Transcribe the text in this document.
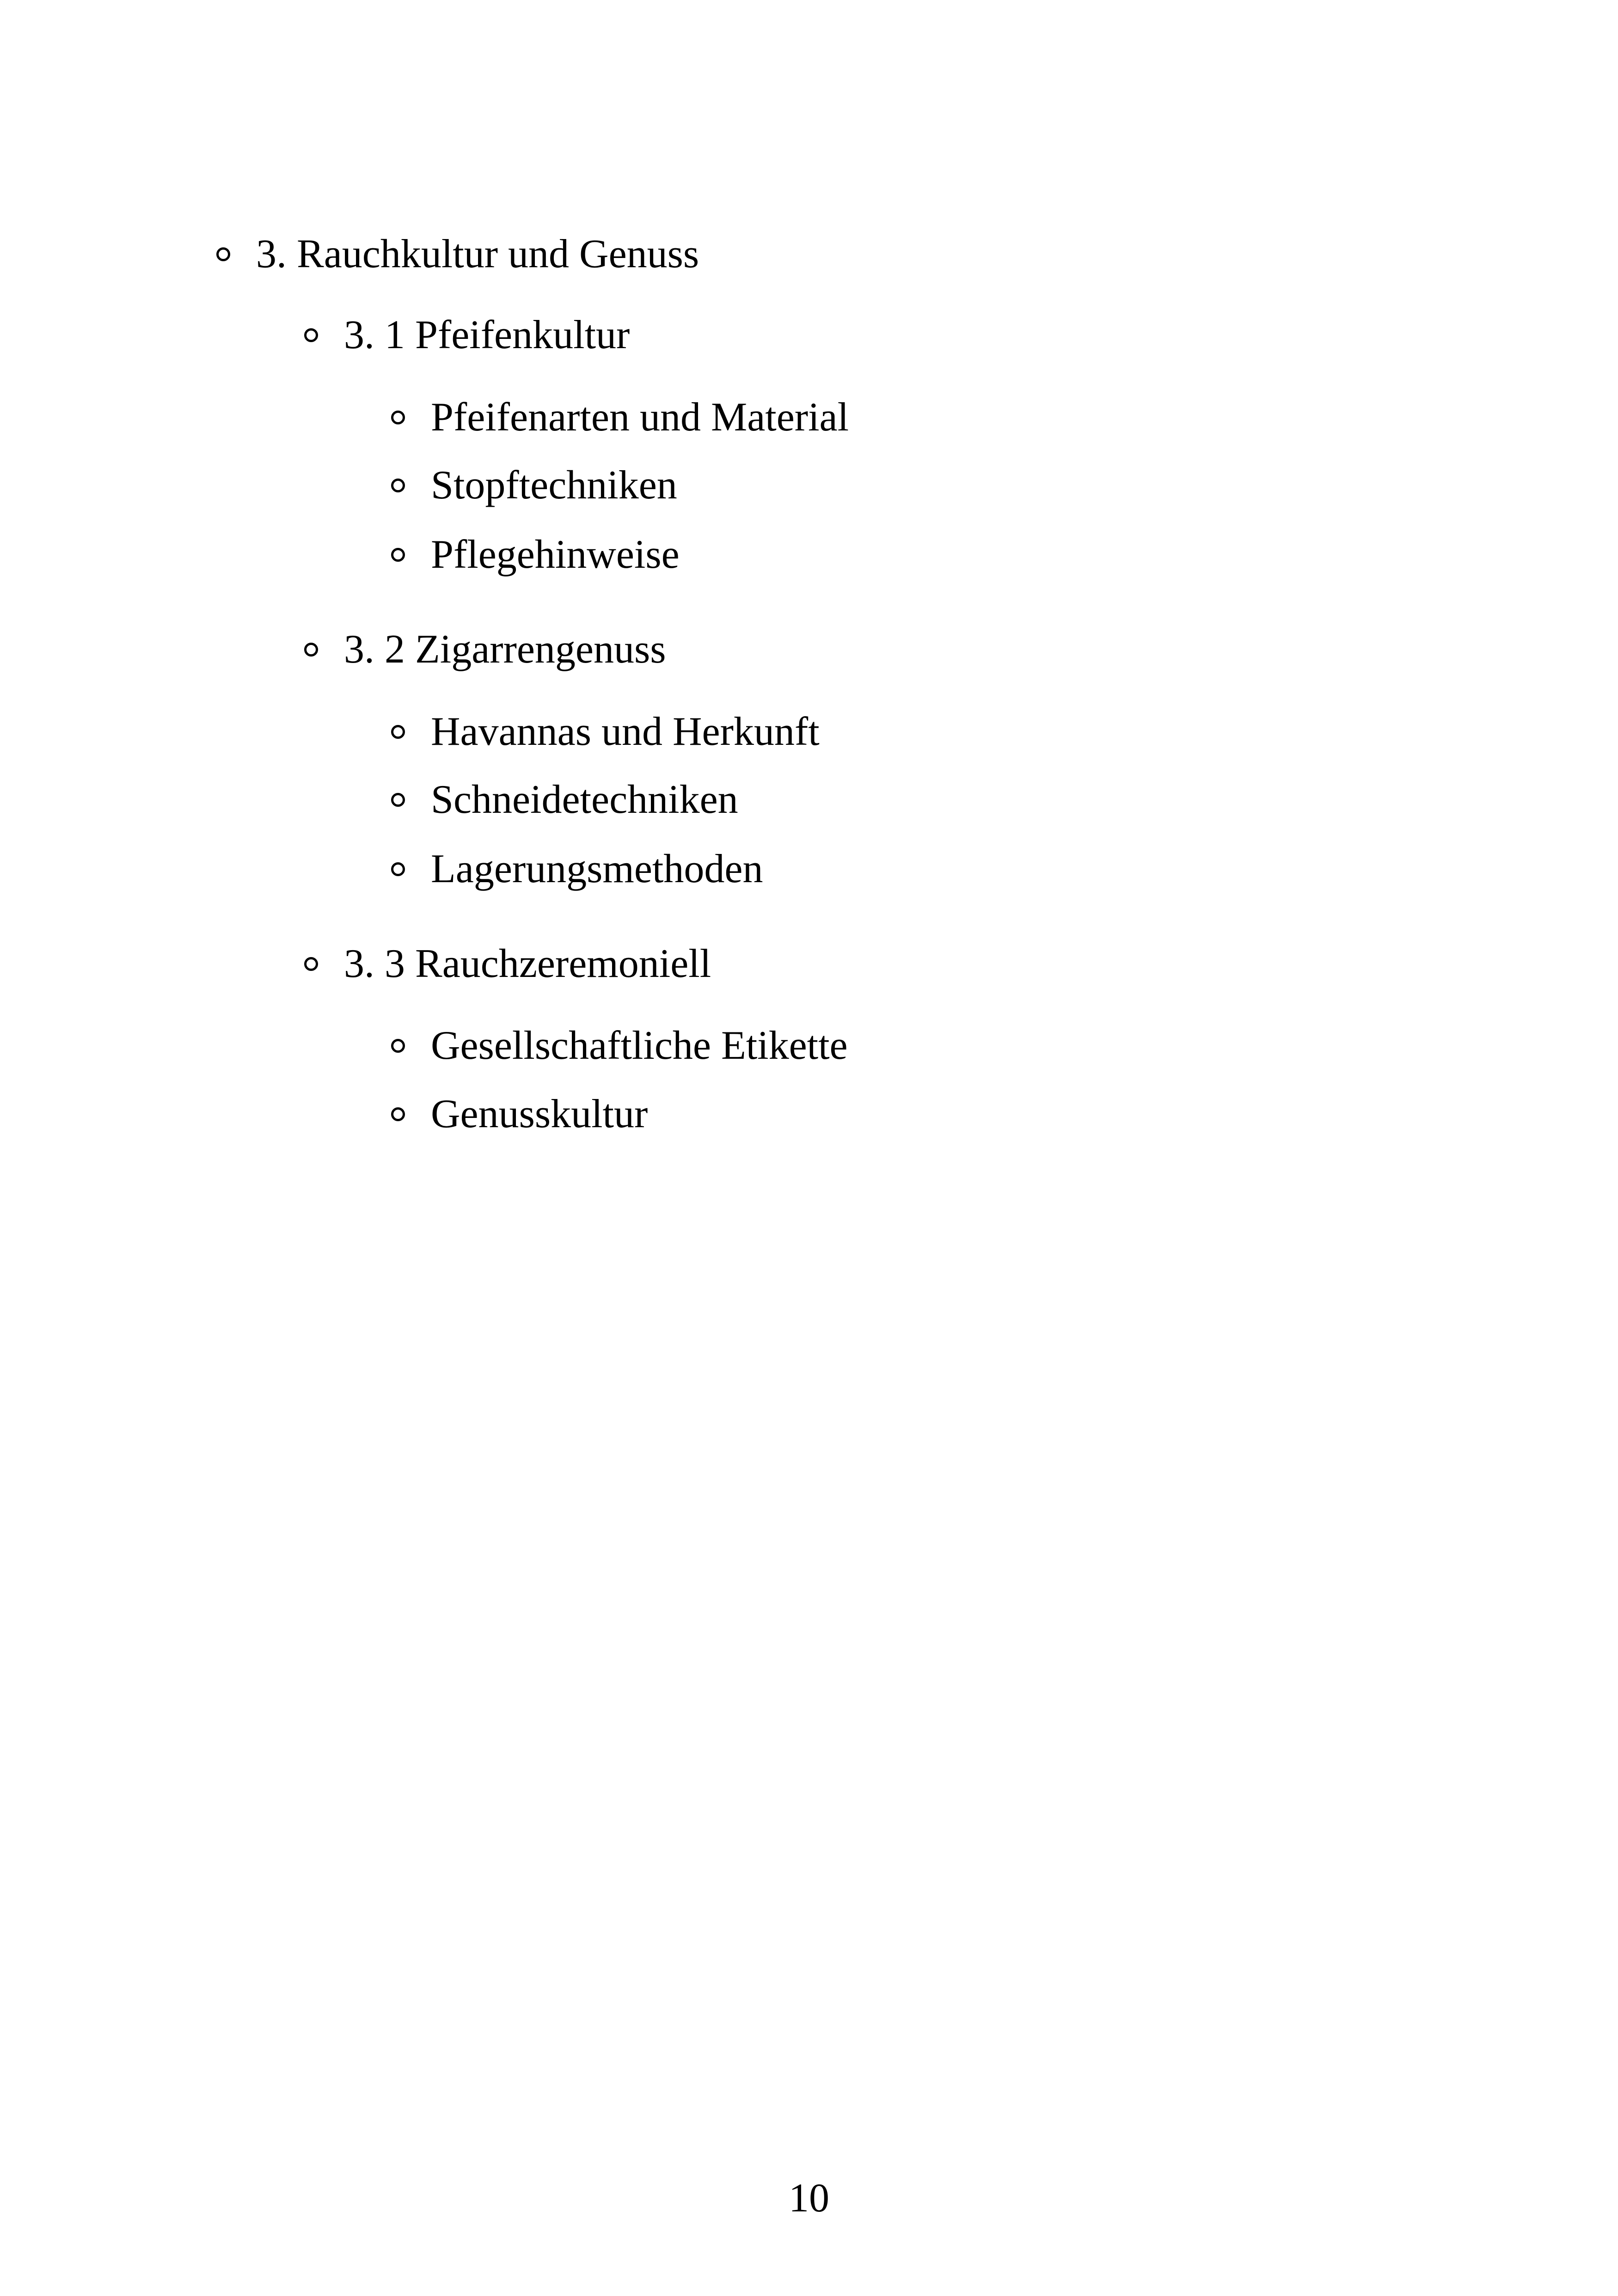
3. Rauchkultur und Genuss
3. 1 Pfeifenkultur
Pfeifenarten und Material
Stopftechniken
Pflegehinweise
3. 2 Zigarrengenuss
Havannas und Herkunft
Schneidetechniken
Lagerungsmethoden
3. 3 Rauchzeremoniell
Gesellschaftliche Etikette
Genusskultur
10
